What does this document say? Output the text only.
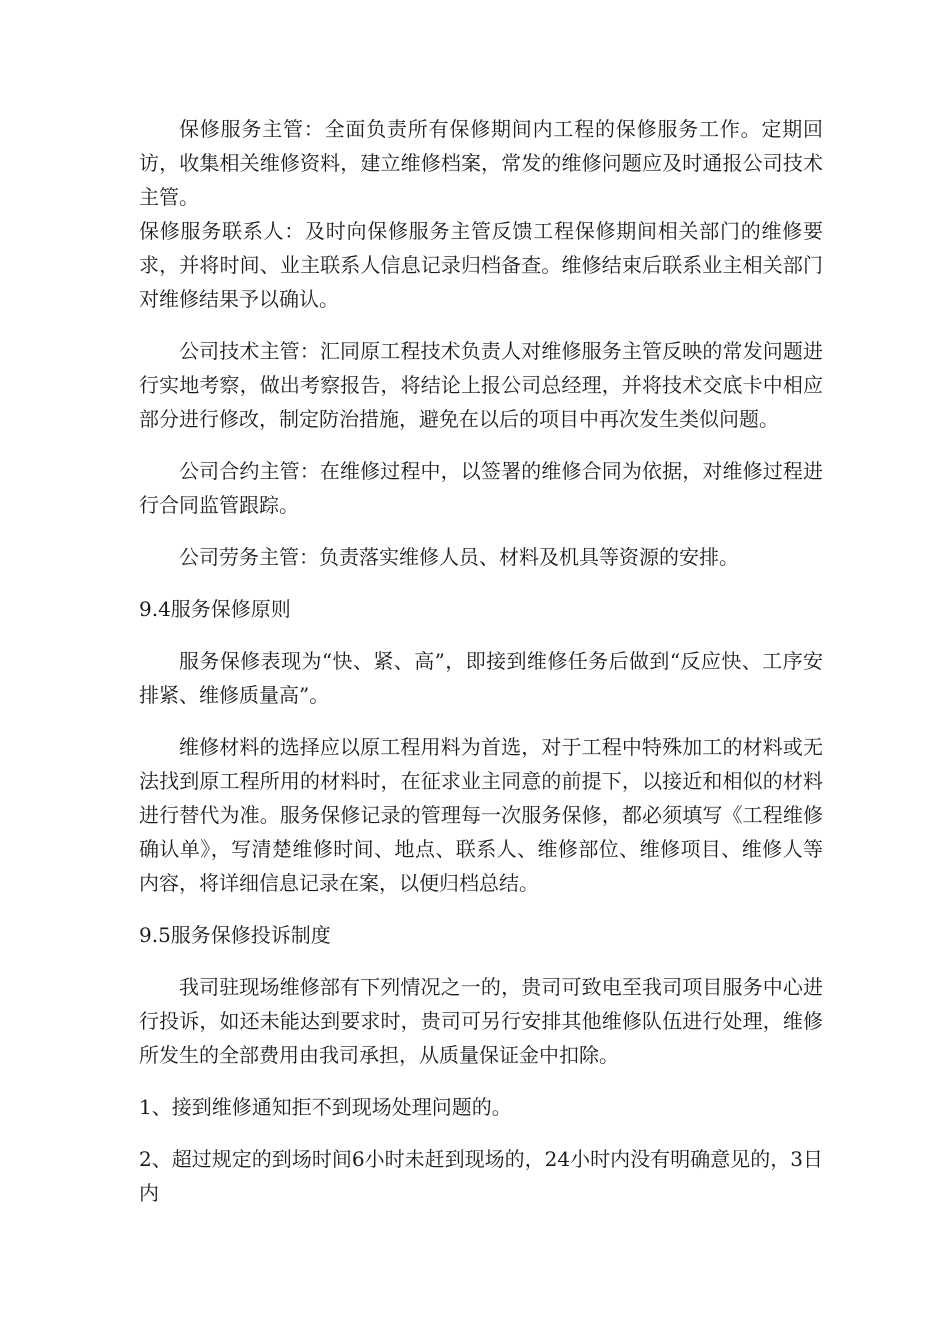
保修服务主管：全面负责所有保修期间内工程的保修服务工作。定期回访，收集相关维修资料，建立维修档案，常发的维修问题应及时通报公司技术主管。

保修服务联系人：及时向保修服务主管反馈工程保修期间相关部门的维修要求，并将时间、业主联系人信息记录归档备查。维修结束后联系业主相关部门对维修结果予以确认。

公司技术主管：汇同原工程技术负责人对维修服务主管反映的常发问题进行实地考察，做出考察报告，将结论上报公司总经理，并将技术交底卡中相应部分进行修改，制定防治措施，避免在以后的项目中再次发生类似问题。

公司合约主管：在维修过程中，以签署的维修合同为依据，对维修过程进行合同监管跟踪。

公司劳务主管：负责落实维修人员、材料及机具等资源的安排。

9.4服务保修原则

服务保修表现为“快、紧、高”，即接到维修任务后做到“反应快、工序安排紧、维修质量高”。

维修材料的选择应以原工程用料为首选，对于工程中特殊加工的材料或无法找到原工程所用的材料时，在征求业主同意的前提下，以接近和相似的材料进行替代为准。服务保修记录的管理每一次服务保修，都必须填写《工程维修确认单》，写清楚维修时间、地点、联系人、维修部位、维修项目、维修人等内容，将详细信息记录在案，以便归档总结。

9.5服务保修投诉制度

我司驻现场维修部有下列情况之一的，贵司可致电至我司项目服务中心进行投诉，如还未能达到要求时，贵司可另行安排其他维修队伍进行处理，维修所发生的全部费用由我司承担，从质量保证金中扣除。

1、接到维修通知拒不到现场处理问题的。
2、超过规定的到场时间6小时未赶到现场的，24小时内没有明确意见的，3日内
